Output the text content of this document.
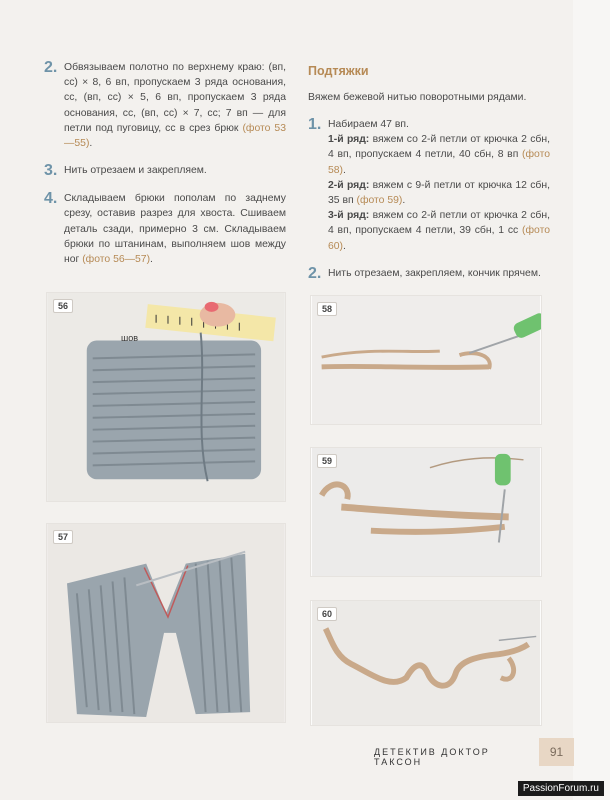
2. Обвязываем полотно по верхнему краю: (вп, сс) × 8, 6 вп, пропускаем 3 ряда основания, сс, (вп, сс) × 5, 6 вп, пропускаем 3 ряда основания, сс, (вп, сс) × 7, сс; 7 вп — для петли под пуговицу, сс в срез брюк (фото 53—55).
3. Нить отрезаем и закрепляем.
4. Складываем брюки пополам по заднему срезу, оставив разрез для хвоста. Сшиваем деталь сзади, примерно 3 см. Складываем брюки по штанинам, выполняем шов между ног (фото 56—57).
Подтяжки
Вяжем бежевой нитью поворотными рядами.
1. Набираем 47 вп.
1-й ряд: вяжем со 2-й петли от крючка 2 сбн, 4 вп, пропускаем 4 петли, 40 сбн, 8 вп (фото 58).
2-й ряд: вяжем с 9-й петли от крючка 12 сбн, 35 вп (фото 59).
3-й ряд: вяжем со 2-й петли от крючка 2 сбн, 4 вп, пропускаем 4 петли, 39 сбн, 1 сс (фото 60).
2. Нить отрезаем, закрепляем, кончик прячем.
56
шов
57
58
59
60
ДЕТЕКТИВ ДОКТОР ТАКСОН
91
PassionForum.ru
